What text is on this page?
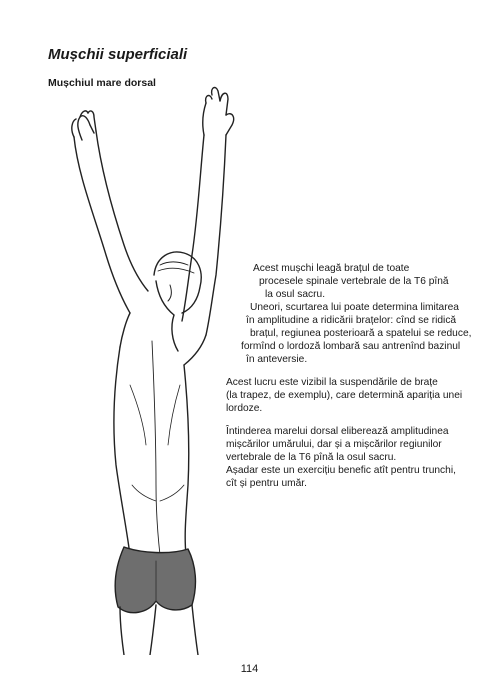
Mușchii superficiali
Mușchiul mare dorsal

Acest mușchi leagă brațul de toate

procesele spinale vertebrale de la T6 pînă

la osul sacru.

Uneori, scurtarea lui poate determina limitarea

în amplitudine a ridicării brațelor: cînd se ridică

brațul, regiunea posterioară a spatelui se reduce,

formînd o lordoză lombară sau antrenînd bazinul

în anteversie.

Acest lucru este vizibil la suspendările de brațe

(la trapez, de exemplu), care determină apariția unei

lordoze.

Întinderea marelui dorsal eliberează amplitudinea

mișcărilor umărului, dar și a mișcărilor regiunilor

vertebrale de la T6 pînă la osul sacru.

Așadar este un exercițiu benefic atît pentru trunchi,

cît și pentru umăr.

114
